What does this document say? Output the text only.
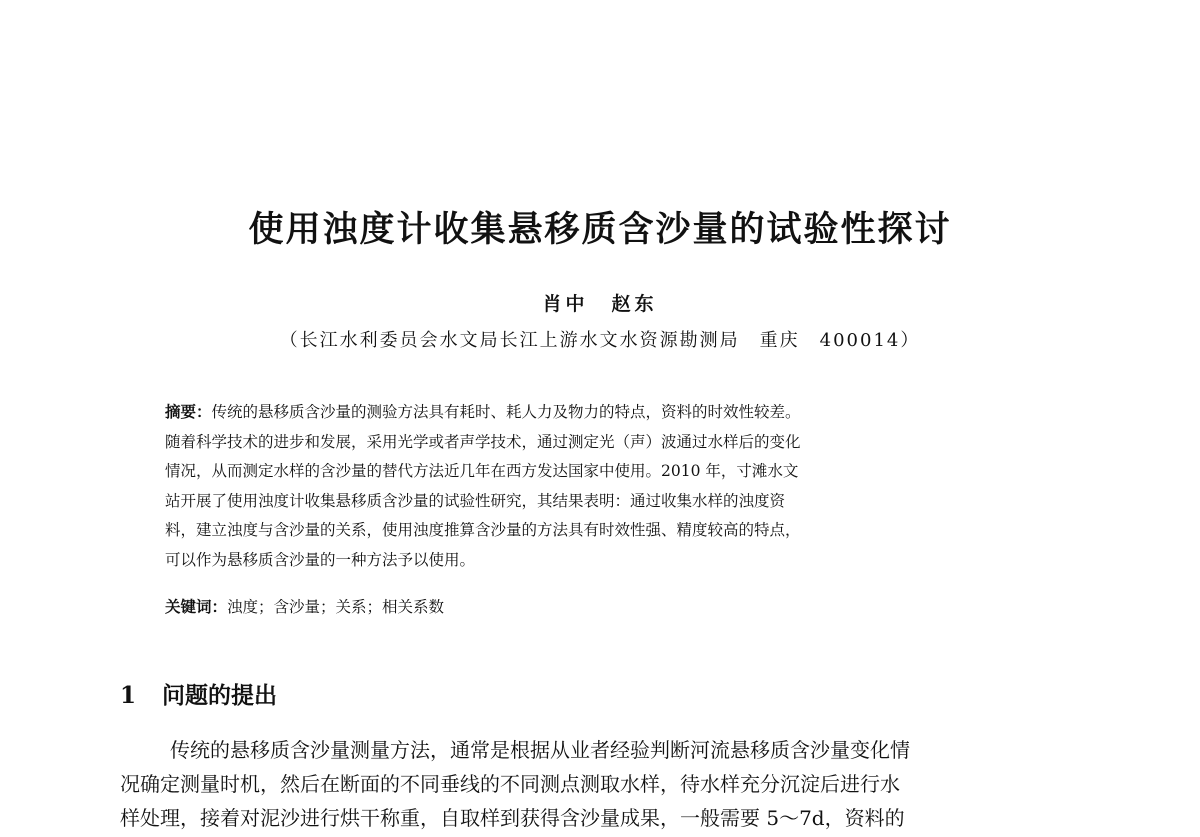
使用浊度计收集悬移质含沙量的试验性探讨
肖中　赵东
（长江水利委员会水文局长江上游水文水资源勘测局　重庆　400014）
摘要：传统的悬移质含沙量的测验方法具有耗时、耗人力及物力的特点，资料的时效性较差。
随着科学技术的进步和发展，采用光学或者声学技术，通过测定光（声）波通过水样后的变化
情况，从而测定水样的含沙量的替代方法近几年在西方发达国家中使用。2010 年，寸滩水文
站开展了使用浊度计收集悬移质含沙量的试验性研究，其结果表明：通过收集水样的浊度资
料，建立浊度与含沙量的关系，使用浊度推算含沙量的方法具有时效性强、精度较高的特点，
可以作为悬移质含沙量的一种方法予以使用。
关键词：浊度；含沙量；关系；相关系数
1 问题的提出
传统的悬移质含沙量测量方法，通常是根据从业者经验判断河流悬移质含沙量变化情
况确定测量时机，然后在断面的不同垂线的不同测点测取水样，待水样充分沉淀后进行水
样处理，接着对泥沙进行烘干称重，自取样到获得含沙量成果，一般需要 5～7d，资料的
